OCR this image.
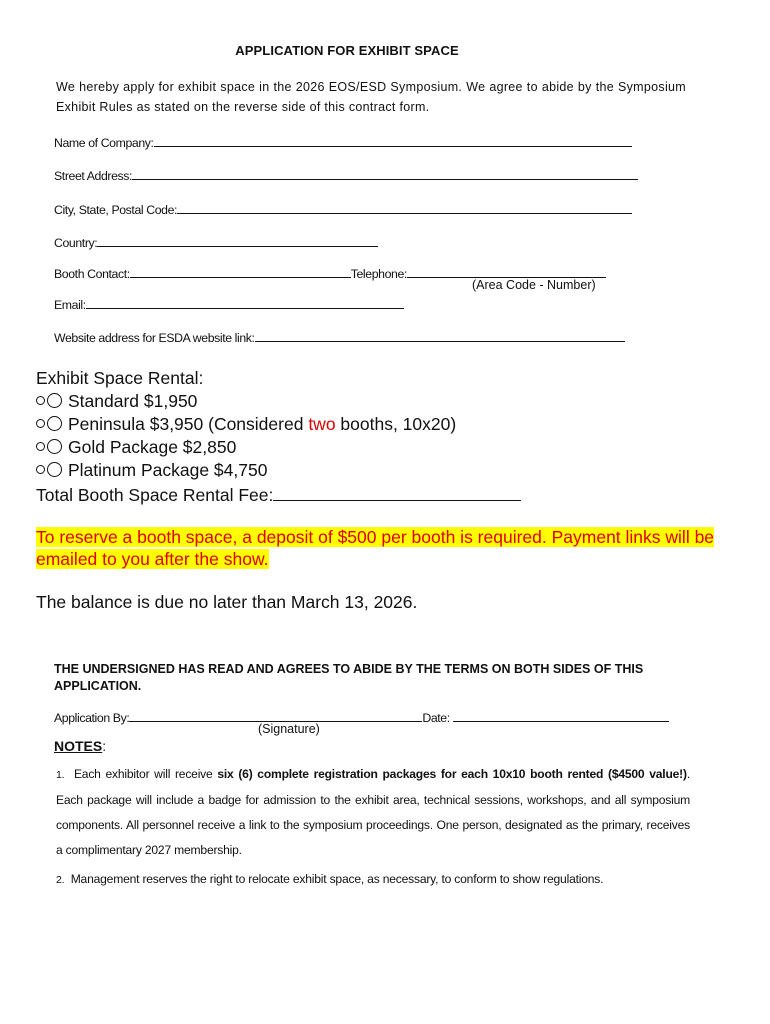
APPLICATION FOR EXHIBIT SPACE
We hereby apply for exhibit space in the 2026 EOS/ESD Symposium. We agree to abide by the Symposium Exhibit Rules as stated on the reverse side of this contract form.
Name of Company:
Street Address:
City, State, Postal Code:
Country:
Booth Contact:	Telephone:
(Area Code - Number)
Email:
Website address for ESDA website link:
Exhibit Space Rental:
Standard $1,950
Peninsula $3,950 (Considered two booths, 10x20)
Gold Package $2,850
Platinum Package $4,750
Total Booth Space Rental Fee:
To reserve a booth space, a deposit of $500 per booth is required. Payment links will be emailed to you after the show.
The balance is due no later than March 13, 2026.
THE UNDERSIGNED HAS READ AND AGREES TO ABIDE BY THE TERMS ON BOTH SIDES OF THIS APPLICATION.
Application By:	Date:
(Signature)
NOTES:
1. Each exhibitor will receive six (6) complete registration packages for each 10x10 booth rented ($4500 value!). Each package will include a badge for admission to the exhibit area, technical sessions, workshops, and all symposium components. All personnel receive a link to the symposium proceedings. One person, designated as the primary, receives a complimentary 2027 membership.
2. Management reserves the right to relocate exhibit space, as necessary, to conform to show regulations.
